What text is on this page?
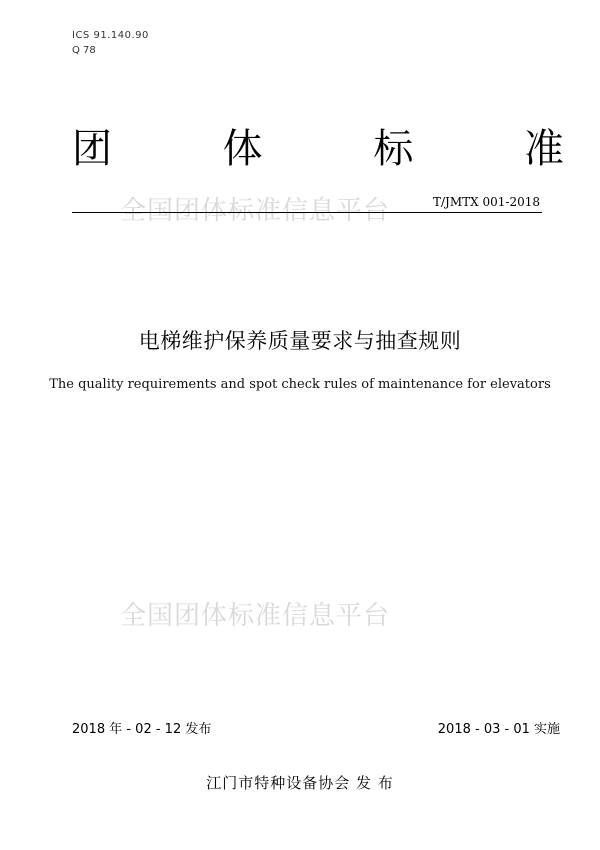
ICS 91.140.90
Q 78
团	体	标	准
全国团体标准信息平台	T/JMTX 001-2018
电梯维护保养质量要求与抽查规则
The quality requirements and spot check rules of maintenance for elevators
全国团体标准信息平台
2018 年 - 02 - 12 发布	2018 - 03 - 01 实施
江门市特种设备协会 发 布
